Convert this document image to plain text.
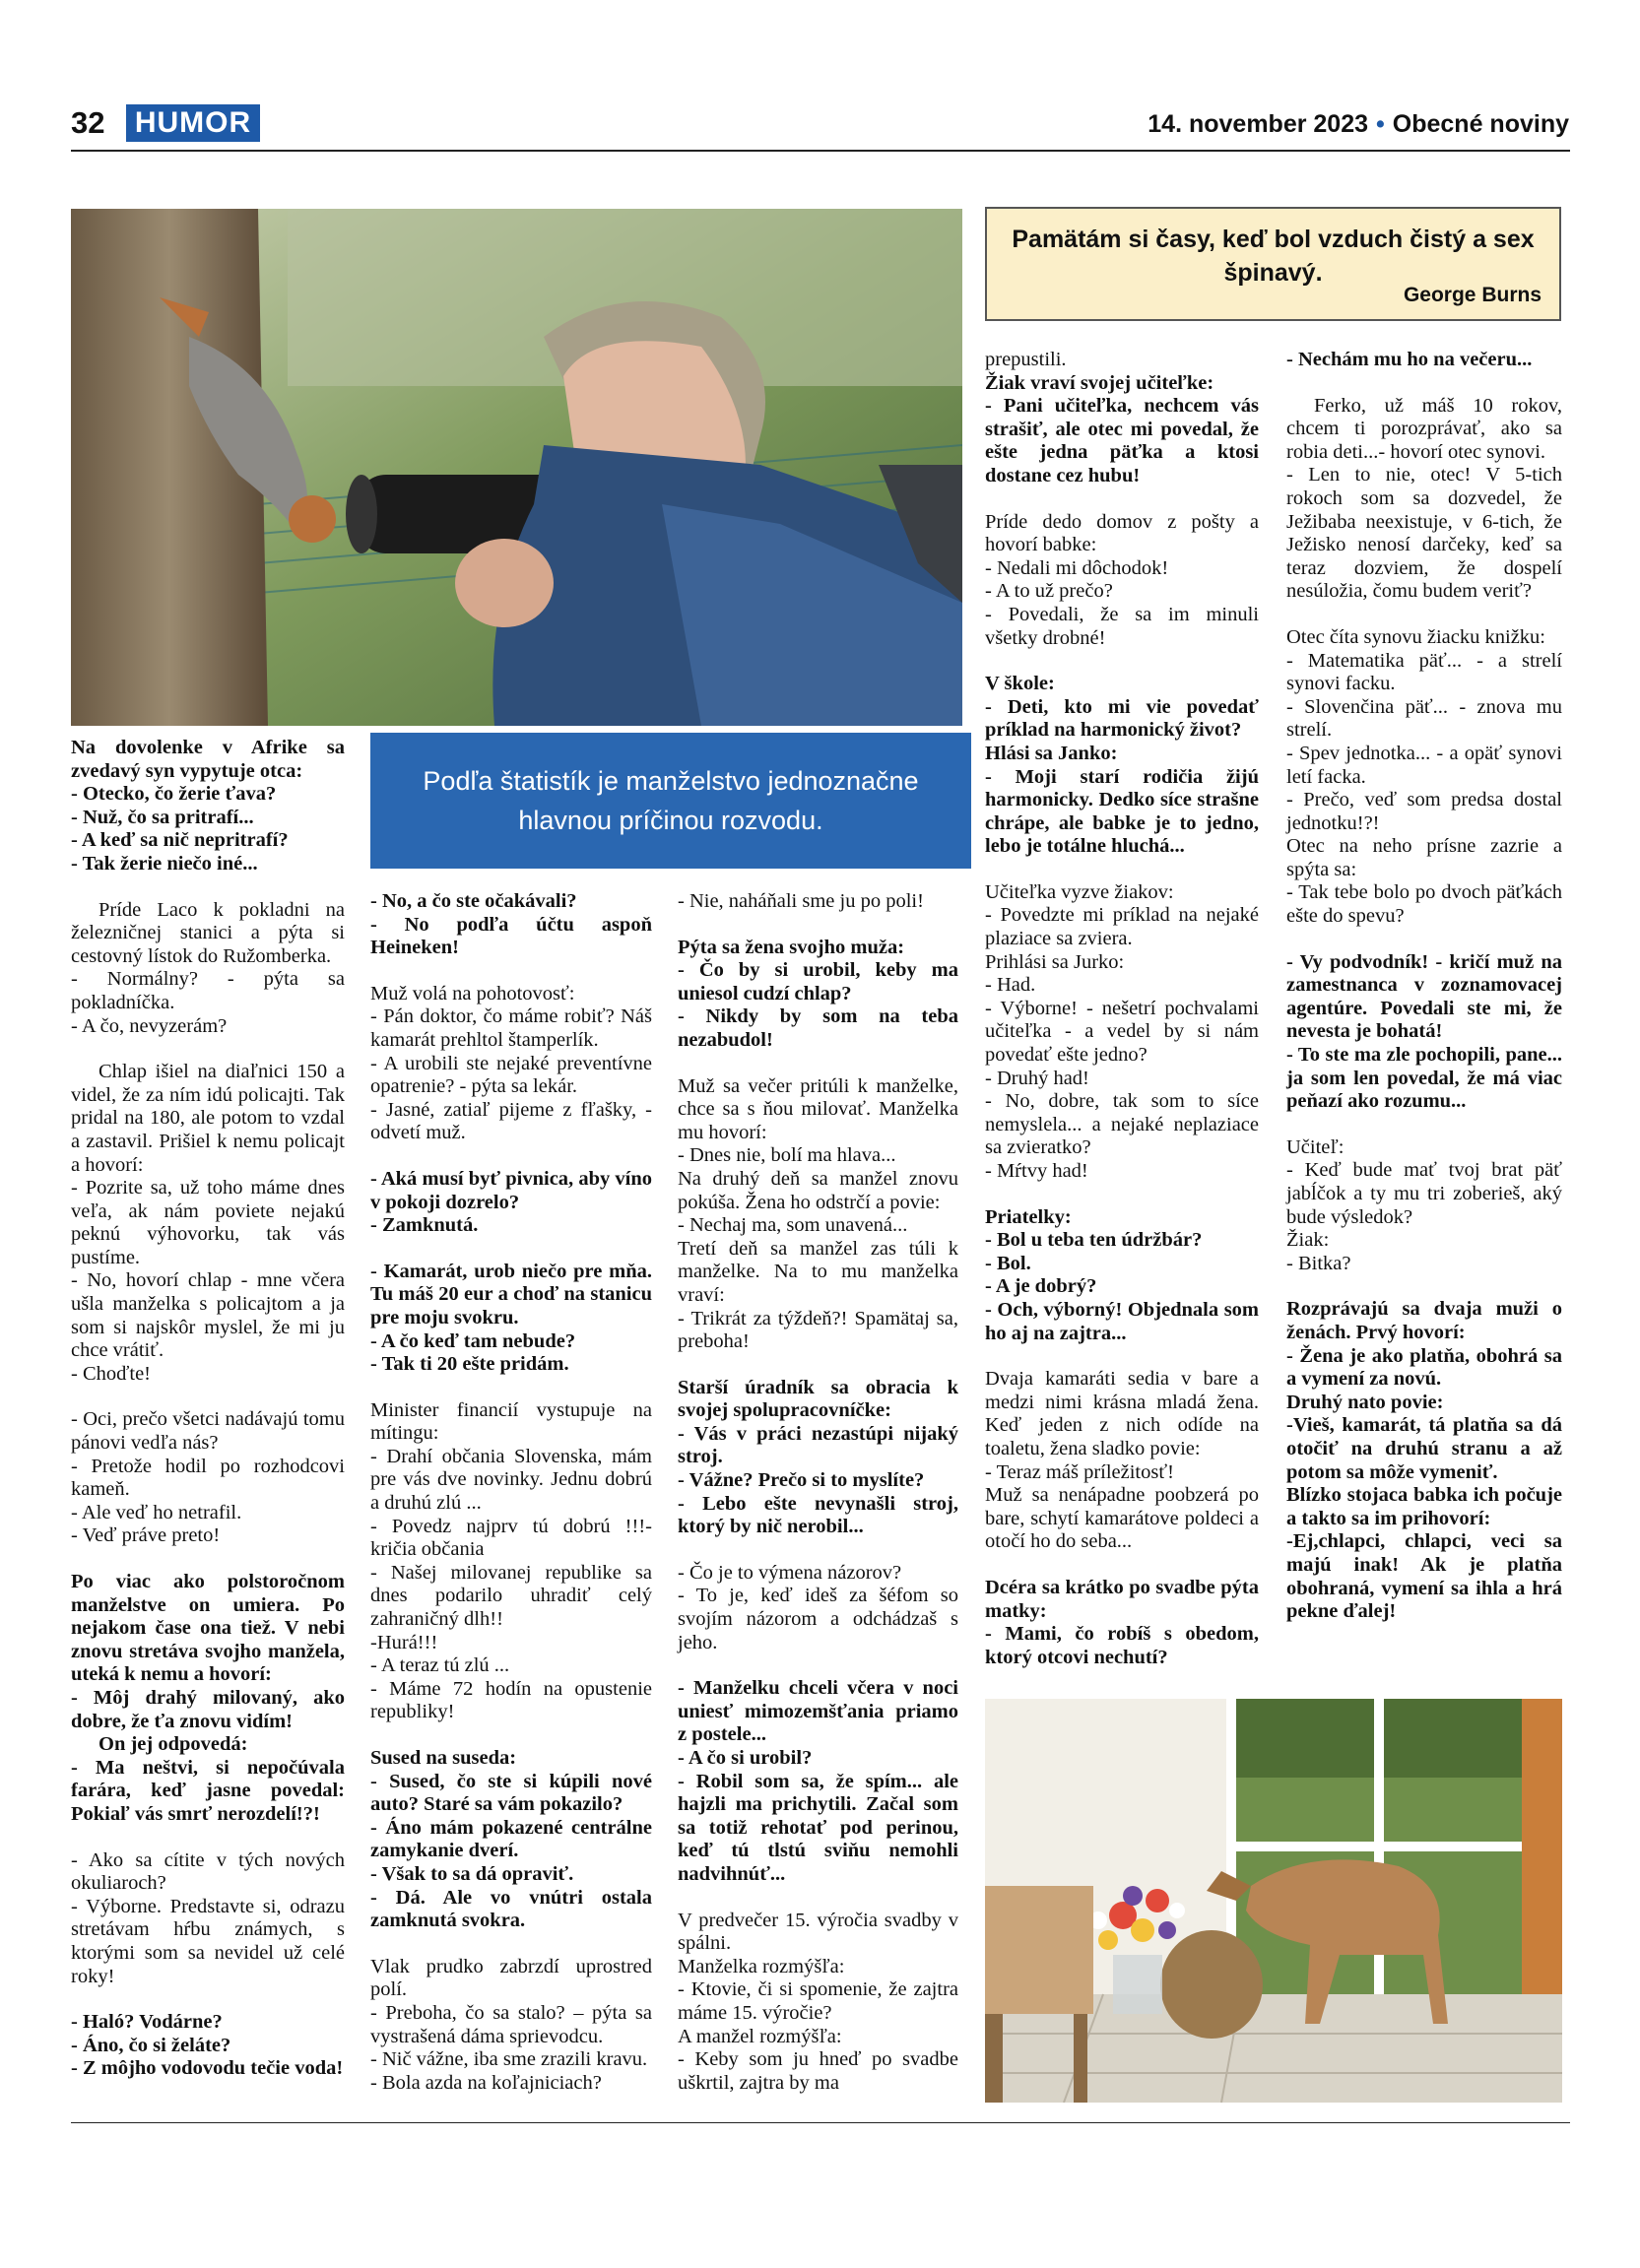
32 HUMOR	14. november 2023 • Obecné noviny
Pamätám si časy, keď bol vzduch čistý a sex špinavý.
George Burns
Podľa štatistík je manželstvo jednoznačne hlavnou príčinou rozvodu.

Na dovolenke v Afrike sa zvedavý syn vypytuje otca:

- Otecko, čo žerie ťava?

- Nuž, čo sa pritrafí...

- A keď sa nič nepritrafí?

- Tak žerie niečo iné...

Príde Laco k pokladni na železničnej stanici a pýta si cestovný lístok do Ružomberka.

- Normálny? - pýta sa pokladníčka.

- A čo, nevyzerám?

Chlap išiel na diaľnici 150 a videl, že za ním idú policajti. Tak pridal na 180, ale potom to vzdal a zastavil. Prišiel k nemu policajt a hovorí:

- Pozrite sa, už toho máme dnes veľa, ak nám poviete nejakú peknú výhovorku, tak vás pustíme.

- No, hovorí chlap - mne včera ušla manželka s policajtom a ja som si najskôr myslel, že mi ju chce vrátiť.

- Choďte!

- Oci, prečo všetci nadávajú tomu pánovi vedľa nás?

- Pretože hodil po rozhodcovi kameň.

- Ale veď ho netrafil.

- Veď práve preto!

Po viac ako polstoročnom manželstve on umiera. Po nejakom čase ona tiež. V nebi znovu stretáva svojho manžela, uteká k nemu a hovorí:

- Môj drahý milovaný, ako dobre, že ťa znovu vidím!

On jej odpovedá:

- Ma neštvi, si nepočúvala farára, keď jasne povedal: Pokiaľ vás smrť nerozdelí!?!

- Ako sa cítite v tých nových okuliaroch?

- Výborne. Predstavte si, odrazu stretávam hŕbu známych, s ktorými som sa nevidel už celé roky!

- Haló? Vodárne?

- Áno, čo si želáte?

- Z môjho vodovodu tečie voda!

- No, a čo ste očakávali?

- No podľa účtu aspoň Heineken!

Muž volá na pohotovosť:

- Pán doktor, čo máme robiť? Náš kamarát prehltol štamperlík.

- A urobili ste nejaké preventívne opatrenie? - pýta sa lekár.

- Jasné, zatiaľ pijeme z fľašky, - odvetí muž.

- Aká musí byť pivnica, aby víno v pokoji dozrelo?

- Zamknutá.

- Kamarát, urob niečo pre mňa. Tu máš 20 eur a choď na stanicu pre moju svokru.

- A čo keď tam nebude?

- Tak ti 20 ešte pridám.

Minister financií vystupuje na mítingu:

- Drahí občania Slovenska, mám pre vás dve novinky. Jednu dobrú a druhú zlú ...

- Povedz najprv tú dobrú !!!- kričia občania

- Našej milovanej republike sa dnes podarilo uhradiť celý zahraničný dlh!!

-Hurá!!!

- A teraz tú zlú ...

- Máme 72 hodín na opustenie republiky!

Sused na suseda:

- Sused, čo ste si kúpili nové auto? Staré sa vám pokazilo?

- Áno mám pokazené centrálne zamykanie dverí.

- Však to sa dá opraviť.

- Dá. Ale vo vnútri ostala zamknutá svokra.

Vlak prudko zabrzdí uprostred polí.

- Preboha, čo sa stalo? – pýta sa vystrašená dáma sprievodcu.

- Nič vážne, iba sme zrazili kravu.

- Bola azda na koľajniciach?

- Nie, naháňali sme ju po poli!

Pýta sa žena svojho muža:

- Čo by si urobil, keby ma uniesol cudzí chlap?

- Nikdy by som na teba nezabudol!

Muž sa večer pritúli k manželke, chce sa s ňou milovať. Manželka mu hovorí:

- Dnes nie, bolí ma hlava...

Na druhý deň sa manžel znovu pokúša. Žena ho odstrčí a povie:

- Nechaj ma, som unavená...

Tretí deň sa manžel zas túli k manželke. Na to mu manželka vraví:

- Trikrát za týždeň?! Spamätaj sa, preboha!

Starší úradník sa obracia k svojej spolupracovníčke:

- Vás v práci nezastúpi nijaký stroj.

- Vážne? Prečo si to myslíte?

- Lebo ešte nevynašli stroj, ktorý by nič nerobil...

- Čo je to výmena názorov?

- To je, keď ideš za šéfom so svojím názorom a odchádzaš s jeho.

- Manželku chceli včera v noci uniesť mimozemšťania priamo z postele...

- A čo si urobil?

- Robil som sa, že spím... ale hajzli ma prichytili. Začal som sa totiž rehotať pod perinou, keď tú tlstú sviňu nemohli nadvihnúť...

V predvečer 15. výročia svadby v spálni.

Manželka rozmýšľa:

- Ktovie, či si spomenie, že zajtra máme 15. výročie?

A manžel rozmýšľa:

- Keby som ju hneď po svadbe uškrtil, zajtra by ma

prepustili.

Žiak vraví svojej učiteľke:

- Pani učiteľka, nechcem vás strašiť, ale otec mi povedal, že ešte jedna päťka a ktosi dostane cez hubu!

Príde dedo domov z pošty a hovorí babke:

- Nedali mi dôchodok!

- A to už prečo?

- Povedali, že sa im minuli všetky drobné!

V škole:

- Deti, kto mi vie povedať príklad na harmonický život?

Hlási sa Janko:

- Moji starí rodičia žijú harmonicky. Dedko síce strašne chrápe, ale babke je to jedno, lebo je totálne hluchá...

Učiteľka vyzve žiakov:

- Povedzte mi príklad na nejaké plaziace sa zviera.

Prihlási sa Jurko:

- Had.

- Výborne! - nešetrí pochvalami učiteľka - a vedel by si nám povedať ešte jedno?

- Druhý had!

- No, dobre, tak som to síce nemyslela... a nejaké neplaziace sa zvieratko?

- Mŕtvy had!

Priatelky:

- Bol u teba ten údržbár?

- Bol.

- A je dobrý?

- Och, výborný! Objednala som ho aj na zajtra...

Dvaja kamaráti sedia v bare a medzi nimi krásna mladá žena. Keď jeden z nich odíde na toaletu, žena sladko povie:

- Teraz máš príležitosť!

Muž sa nenápadne poobzerá po bare, schytí kamarátove poldeci a otočí ho do seba...

Dcéra sa krátko po svadbe pýta matky:

- Mami, čo robíš s obedom, ktorý otcovi nechutí?

- Nechám mu ho na večeru...

Ferko, už máš 10 rokov, chcem ti porozprávať, ako sa robia deti...- hovorí otec synovi.

- Len to nie, otec! V 5-tich rokoch som sa dozvedel, že Ježibaba neexistuje, v 6-tich, že Ježisko nenosí darčeky, keď sa teraz dozviem, že dospelí nesúložia, čomu budem veriť?

Otec číta synovu žiacku knižku:

- Matematika päť... - a strelí synovi facku.

- Slovenčina päť... - znova mu strelí.

- Spev jednotka... - a opäť synovi letí facka.

- Prečo, veď som predsa dostal jednotku!?!

Otec na neho prísne zazrie a spýta sa:

- Tak tebe bolo po dvoch päťkách ešte do spevu?

- Vy podvodník! - kričí muž na zamestnanca v zoznamovacej agentúre. Povedali ste mi, že nevesta je bohatá!

- To ste ma zle pochopili, pane... ja som len povedal, že má viac peňazí ako rozumu...

Učiteľ:

- Keď bude mať tvoj brat päť jabĺčok a ty mu tri zoberieš, aký bude výsledok?

Žiak:

- Bitka?

Rozprávajú sa dvaja muži o ženách. Prvý hovorí:

- Žena je ako platňa, obohrá sa a vymení za novú.

Druhý nato povie:

-Vieš, kamarát, tá platňa sa dá otočiť na druhú stranu a až potom sa môže vymeniť.

Blízko stojaca babka ich počuje a takto sa im prihovorí:

-Ej,chlapci, chlapci, veci sa majú inak! Ak je platňa obohraná, vymení sa ihla a hrá pekne ďalej!
